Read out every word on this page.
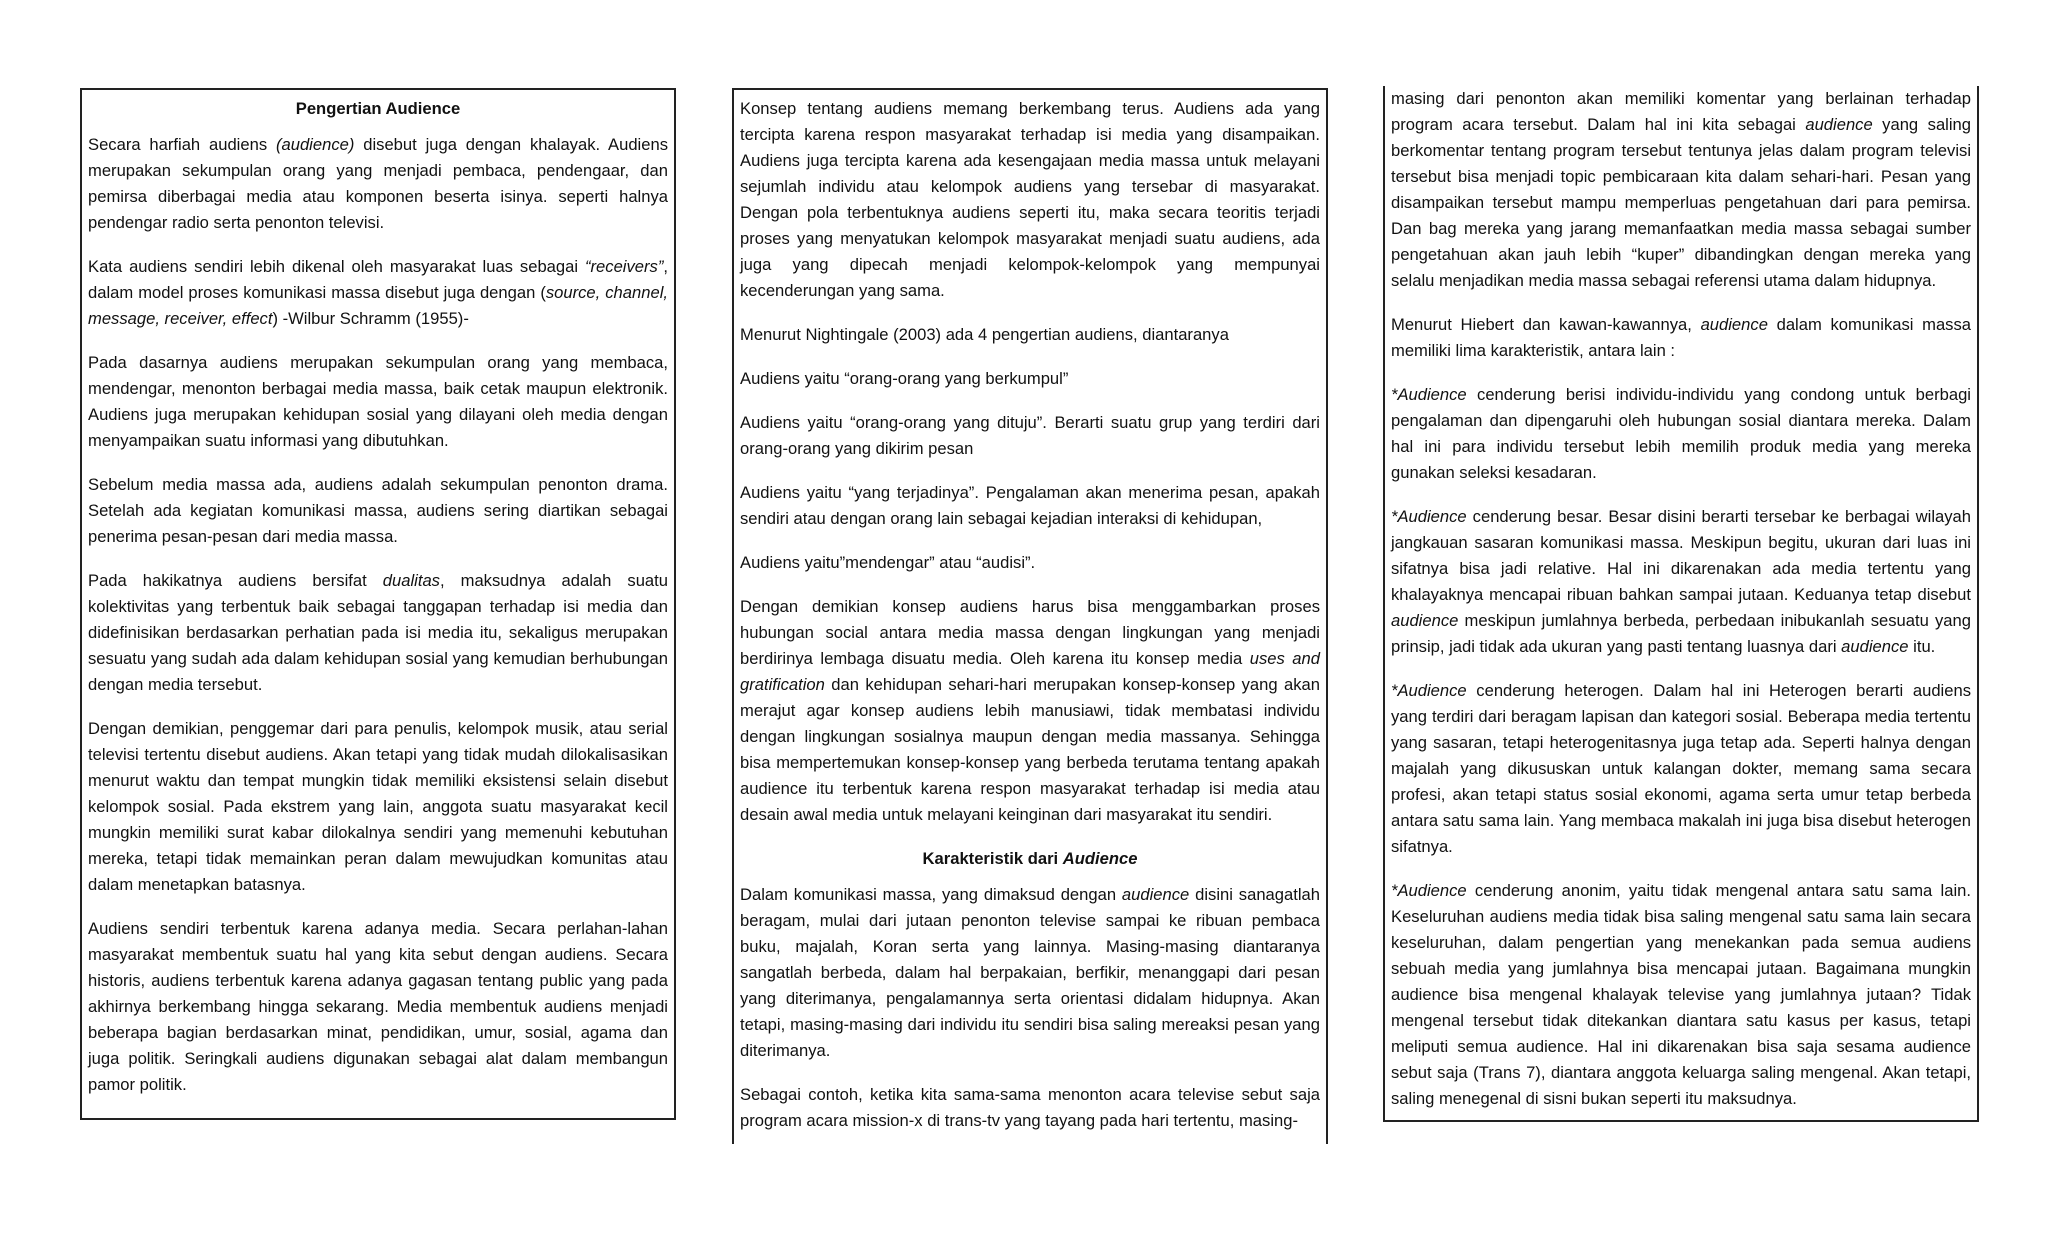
Pengertian Audience

Secara harfiah audiens (audience) disebut juga dengan khalayak. Audiens merupakan sekumpulan orang yang menjadi pembaca, pendengaar, dan pemirsa diberbagai media atau komponen beserta isinya. seperti halnya pendengar radio serta penonton televisi.

Kata audiens sendiri lebih dikenal oleh masyarakat luas sebagai “receivers”, dalam model proses komunikasi massa disebut juga dengan (source, channel, message, receiver, effect) -Wilbur Schramm (1955)-

Pada dasarnya audiens merupakan sekumpulan orang yang membaca, mendengar, menonton berbagai media massa, baik cetak maupun elektronik. Audiens juga merupakan kehidupan sosial yang dilayani oleh media dengan menyampaikan suatu informasi yang dibutuhkan.

Sebelum media massa ada, audiens adalah sekumpulan penonton drama. Setelah ada kegiatan komunikasi massa, audiens sering diartikan sebagai penerima pesan-pesan dari media massa.

Pada hakikatnya audiens bersifat dualitas, maksudnya adalah suatu kolektivitas yang terbentuk baik sebagai tanggapan terhadap isi media dan didefinisikan berdasarkan perhatian pada isi media itu, sekaligus merupakan sesuatu yang sudah ada dalam kehidupan sosial yang kemudian berhubungan dengan media tersebut.

Dengan demikian, penggemar dari para penulis, kelompok musik, atau serial televisi tertentu disebut audiens. Akan tetapi yang tidak mudah dilokalisasikan menurut waktu dan tempat mungkin tidak memiliki eksistensi selain disebut kelompok sosial. Pada ekstrem yang lain, anggota suatu masyarakat kecil mungkin memiliki surat kabar dilokalnya sendiri yang memenuhi kebutuhan mereka, tetapi tidak memainkan peran dalam mewujudkan komunitas atau dalam menetapkan batasnya.

Audiens sendiri terbentuk karena adanya media. Secara perlahan-lahan masyarakat membentuk suatu hal yang kita sebut dengan audiens. Secara historis, audiens terbentuk karena adanya gagasan tentang public yang pada akhirnya berkembang hingga sekarang. Media membentuk audiens menjadi beberapa bagian berdasarkan minat, pendidikan, umur, sosial, agama dan juga politik. Seringkali audiens digunakan sebagai alat dalam membangun pamor politik.

Konsep tentang audiens memang berkembang terus. Audiens ada yang tercipta karena respon masyarakat terhadap isi media yang disampaikan. Audiens juga tercipta karena ada kesengajaan media massa untuk melayani sejumlah individu atau kelompok audiens yang tersebar di masyarakat. Dengan pola terbentuknya audiens seperti itu, maka secara teoritis terjadi proses yang menyatukan kelompok masyarakat menjadi suatu audiens, ada juga yang dipecah menjadi kelompok-kelompok yang mempunyai kecenderungan yang sama.

Menurut Nightingale (2003) ada 4 pengertian audiens, diantaranya

Audiens yaitu “orang-orang yang berkumpul”

Audiens yaitu “orang-orang yang dituju”. Berarti suatu grup yang terdiri dari orang-orang yang dikirim pesan

Audiens yaitu “yang terjadinya”. Pengalaman akan menerima pesan, apakah sendiri atau dengan orang lain sebagai kejadian interaksi di kehidupan,

Audiens yaitu”mendengar” atau “audisi”.

Dengan demikian konsep audiens harus bisa menggambarkan proses hubungan social antara media massa dengan lingkungan yang menjadi berdirinya lembaga disuatu media. Oleh karena itu konsep media uses and gratification dan kehidupan sehari-hari merupakan konsep-konsep yang akan merajut agar konsep audiens lebih manusiawi, tidak membatasi individu dengan lingkungan sosialnya maupun dengan media massanya. Sehingga bisa mempertemukan konsep-konsep yang berbeda terutama tentang apakah audience itu terbentuk karena respon masyarakat terhadap isi media atau desain awal media untuk melayani keinginan dari masyarakat itu sendiri.

Karakteristik dari Audience

Dalam komunikasi massa, yang dimaksud dengan audience disini sanagatlah beragam, mulai dari jutaan penonton televise sampai ke ribuan pembaca buku, majalah, Koran serta yang lainnya. Masing-masing diantaranya sangatlah berbeda, dalam hal berpakaian, berfikir, menanggapi dari pesan yang diterimanya, pengalamannya serta orientasi didalam hidupnya. Akan tetapi, masing-masing dari individu itu sendiri bisa saling mereaksi pesan yang diterimanya.

Sebagai contoh, ketika kita sama-sama menonton acara televise sebut saja program acara mission-x di trans-tv yang tayang pada hari tertentu, masing-

masing dari penonton akan memiliki komentar yang berlainan terhadap program acara tersebut. Dalam hal ini kita sebagai audience yang saling berkomentar tentang program tersebut tentunya jelas dalam program televisi tersebut bisa menjadi topic pembicaraan kita dalam sehari-hari. Pesan yang disampaikan tersebut mampu memperluas pengetahuan dari para pemirsa. Dan bag mereka yang jarang memanfaatkan media massa sebagai sumber pengetahuan akan jauh lebih “kuper” dibandingkan dengan mereka yang selalu menjadikan media massa sebagai referensi utama dalam hidupnya.

Menurut Hiebert dan kawan-kawannya, audience dalam komunikasi massa memiliki lima karakteristik, antara lain :

*Audience cenderung berisi individu-individu yang condong untuk berbagi pengalaman dan dipengaruhi oleh hubungan sosial diantara mereka. Dalam hal ini para individu tersebut lebih memilih produk media yang mereka gunakan seleksi kesadaran.

*Audience cenderung besar. Besar disini berarti tersebar ke berbagai wilayah jangkauan sasaran komunikasi massa. Meskipun begitu, ukuran dari luas ini sifatnya bisa jadi relative. Hal ini dikarenakan ada media tertentu yang khalayaknya mencapai ribuan bahkan sampai jutaan. Keduanya tetap disebut audience meskipun jumlahnya berbeda, perbedaan inibukanlah sesuatu yang prinsip, jadi tidak ada ukuran yang pasti tentang luasnya dari audience itu.

*Audience cenderung heterogen. Dalam hal ini Heterogen berarti audiens yang terdiri dari beragam lapisan dan kategori sosial. Beberapa media tertentu yang sasaran, tetapi heterogenitasnya juga tetap ada. Seperti halnya dengan majalah yang dikususkan untuk kalangan dokter, memang sama secara profesi, akan tetapi status sosial ekonomi, agama serta umur tetap berbeda antara satu sama lain. Yang membaca makalah ini juga bisa disebut heterogen sifatnya.

*Audience cenderung anonim, yaitu tidak mengenal antara satu sama lain. Keseluruhan audiens media tidak bisa saling mengenal satu sama lain secara keseluruhan, dalam pengertian yang menekankan pada semua audiens sebuah media yang jumlahnya bisa mencapai jutaan. Bagaimana mungkin audience bisa mengenal khalayak televise yang jumlahnya jutaan? Tidak mengenal tersebut tidak ditekankan diantara satu kasus per kasus, tetapi meliputi semua audience. Hal ini dikarenakan bisa saja sesama audience sebut saja (Trans 7), diantara anggota keluarga saling mengenal. Akan tetapi, saling menegenal di sisni bukan seperti itu maksudnya.
